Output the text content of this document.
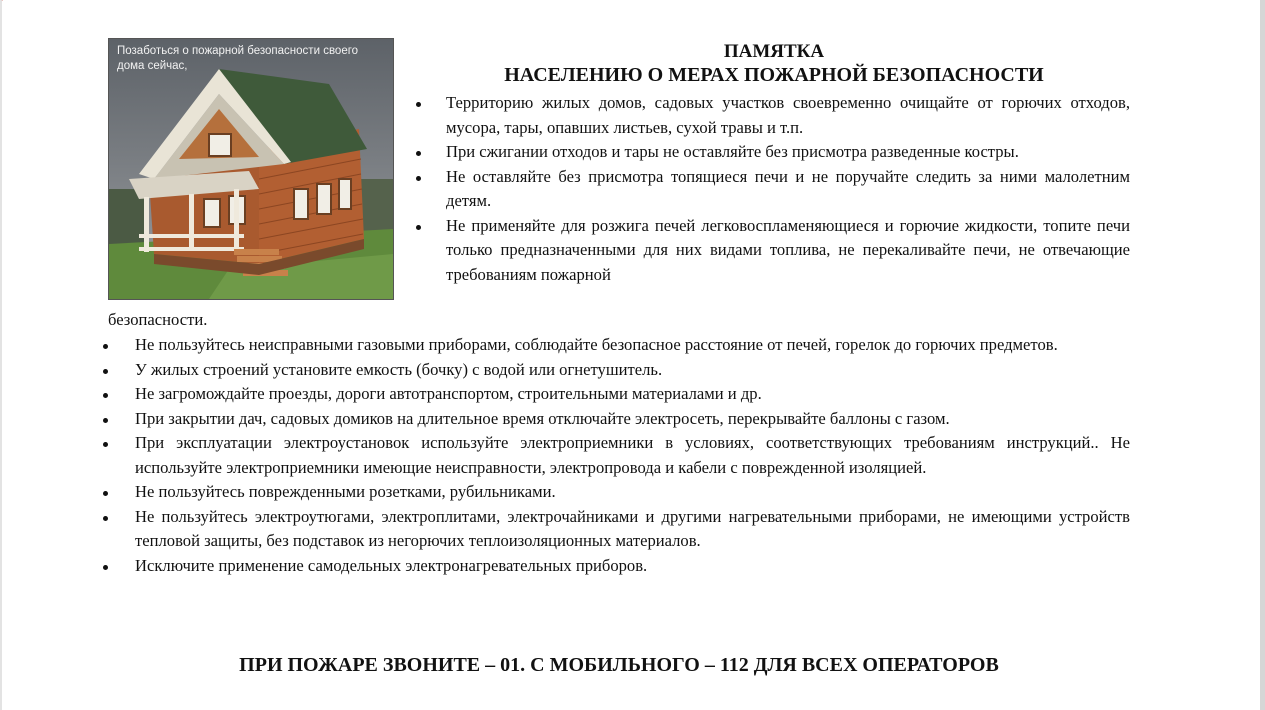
˚
Позаботься о пожарной безопасности своего дома сейчас,
ПАМЯТКА
НАСЕЛЕНИЮ О МЕРАХ ПОЖАРНОЙ БЕЗОПАСНОСТИ
Территорию жилых домов, садовых участков своевременно очищайте от горючих отходов, мусора, тары, опавших листьев, сухой травы и т.п.
При сжигании отходов и тары не оставляйте без присмотра разведенные костры.
Не оставляйте без присмотра топящиеся печи и не поручайте следить за ними малолетним детям.
Не применяйте для розжига печей легковоспламеняющиеся и горючие жидкости, топите печи только предназначенными для них видами топлива, не перекаливайте печи, не отвечающие требованиям пожарной
безопасности.
Не пользуйтесь неисправными газовыми приборами, соблюдайте безопасное расстояние от печей, горелок до горючих предметов.
У жилых строений установите емкость (бочку) с водой или огнетушитель.
Не загромождайте проезды, дороги автотранспортом, строительными материалами и др.
При закрытии дач, садовых домиков на длительное время отключайте электросеть, перекрывайте баллоны с газом.
При эксплуатации электроустановок используйте электроприемники в условиях, соответствующих требованиям инструкций.. Не используйте электроприемники имеющие неисправности, электропровода и кабели с поврежденной изоляцией.
Не пользуйтесь поврежденными розетками, рубильниками.
Не пользуйтесь электроутюгами, электроплитами, электрочайниками и другими нагревательными приборами, не имеющими устройств тепловой защиты, без подставок из негорючих теплоизоляционных материалов.
Исключите применение самодельных электронагревательных приборов.
ПРИ ПОЖАРЕ ЗВОНИТЕ – 01. С МОБИЛЬНОГО – 112 ДЛЯ ВСЕХ ОПЕРАТОРОВ
